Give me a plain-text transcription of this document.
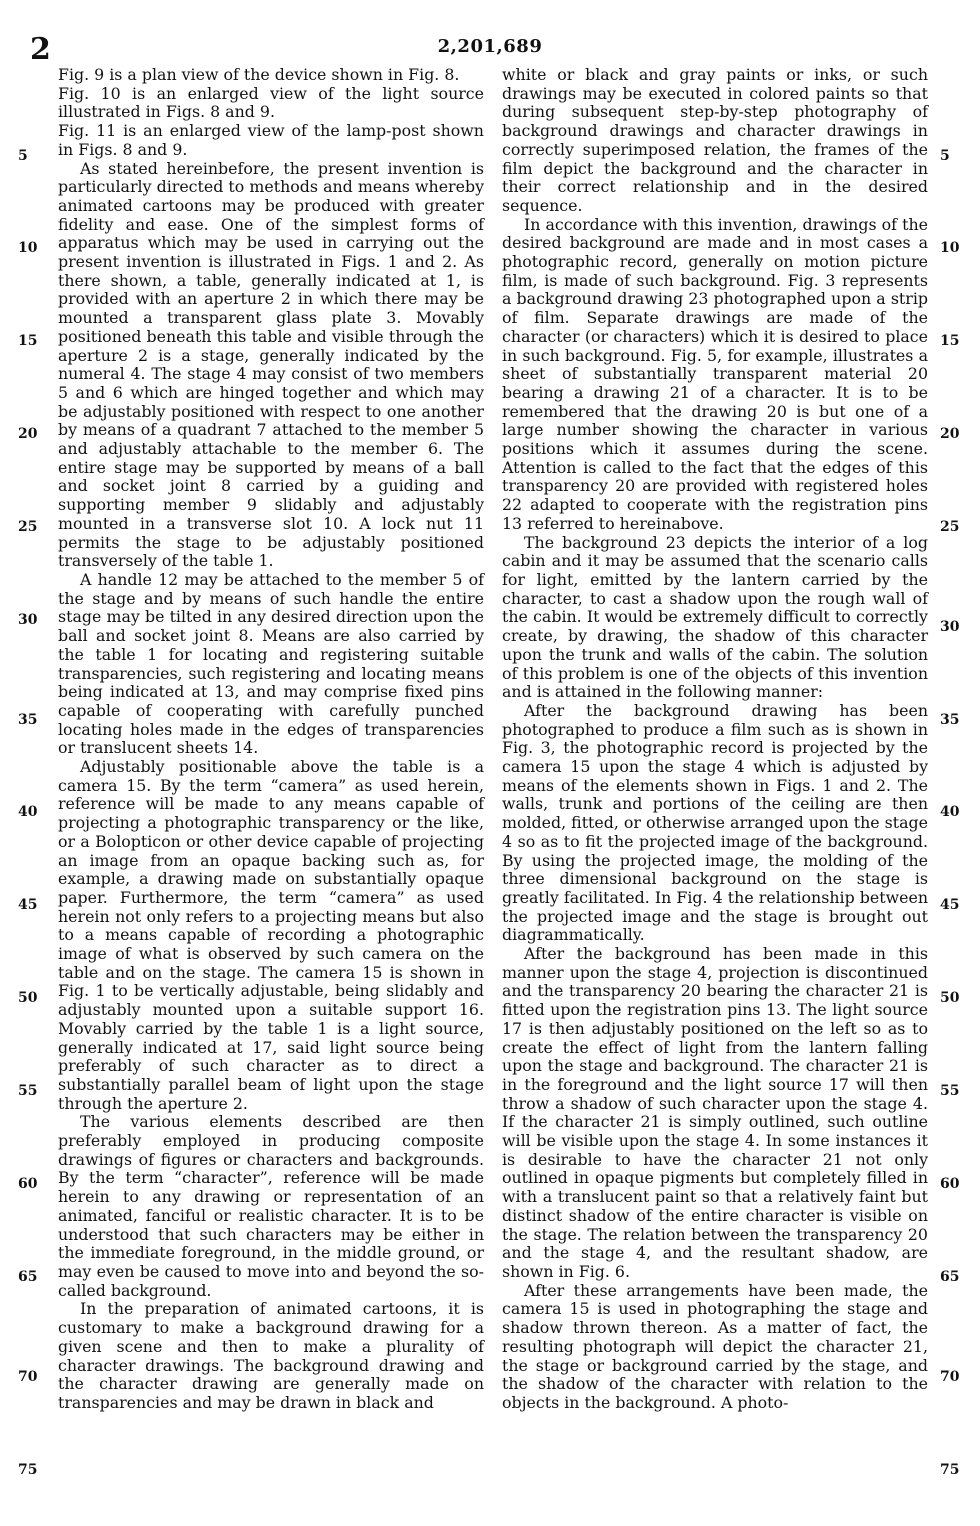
2	2,201,689

Fig. 9 is a plan view of the device shown in Fig. 8.

Fig. 10 is an enlarged view of the light source illustrated in Figs. 8 and 9.

Fig. 11 is an enlarged view of the lamp-post shown in Figs. 8 and 9.

As stated hereinbefore, the present invention is particularly directed to methods and means whereby animated cartoons may be produced with greater fidelity and ease. One of the simplest forms of apparatus which may be used in carrying out the present invention is illustrated in Figs. 1 and 2. As there shown, a table, generally indicated at 1, is provided with an aperture 2 in which there may be mounted a transparent glass plate 3. Movably positioned beneath this table and visible through the aperture 2 is a stage, generally indicated by the numeral 4. The stage 4 may consist of two members 5 and 6 which are hinged together and which may be adjustably positioned with respect to one another by means of a quadrant 7 attached to the member 5 and adjustably attachable to the member 6. The entire stage may be supported by means of a ball and socket joint 8 carried by a guiding and supporting member 9 slidably and adjustably mounted in a transverse slot 10. A lock nut 11 permits the stage to be adjustably positioned transversely of the table 1.

A handle 12 may be attached to the member 5 of the stage and by means of such handle the entire stage may be tilted in any desired direction upon the ball and socket joint 8. Means are also carried by the table 1 for locating and registering suitable transparencies, such registering and locating means being indicated at 13, and may comprise fixed pins capable of cooperating with carefully punched locating holes made in the edges of transparencies or translucent sheets 14.

Adjustably positionable above the table is a camera 15. By the term “camera” as used herein, reference will be made to any means capable of projecting a photographic transparency or the like, or a Bolopticon or other device capable of projecting an image from an opaque backing such as, for example, a drawing made on substantially opaque paper. Furthermore, the term “camera” as used herein not only refers to a projecting means but also to a means capable of recording a photographic image of what is observed by such camera on the table and on the stage. The camera 15 is shown in Fig. 1 to be vertically adjustable, being slidably and adjustably mounted upon a suitable support 16. Movably carried by the table 1 is a light source, generally indicated at 17, said light source being preferably of such character as to direct a substantially parallel beam of light upon the stage through the aperture 2.

The various elements described are then preferably employed in producing composite drawings of figures or characters and backgrounds. By the term “character”, reference will be made herein to any drawing or representation of an animated, fanciful or realistic character. It is to be understood that such characters may be either in the immediate foreground, in the middle ground, or may even be caused to move into and beyond the so-called background.

In the preparation of animated cartoons, it is customary to make a background drawing for a given scene and then to make a plurality of character drawings. The background drawing and the character drawing are generally made on transparencies and may be drawn in black and

white or black and gray paints or inks, or such drawings may be executed in colored paints so that during subsequent step-by-step photography of background drawings and character drawings in correctly superimposed relation, the frames of the film depict the background and the character in their correct relationship and in the desired sequence.

In accordance with this invention, drawings of the desired background are made and in most cases a photographic record, generally on motion picture film, is made of such background. Fig. 3 represents a background drawing 23 photographed upon a strip of film. Separate drawings are made of the character (or characters) which it is desired to place in such background. Fig. 5, for example, illustrates a sheet of substantially transparent material 20 bearing a drawing 21 of a character. It is to be remembered that the drawing 20 is but one of a large number showing the character in various positions which it assumes during the scene. Attention is called to the fact that the edges of this transparency 20 are provided with registered holes 22 adapted to cooperate with the registration pins 13 referred to hereinabove.

The background 23 depicts the interior of a log cabin and it may be assumed that the scenario calls for light, emitted by the lantern carried by the character, to cast a shadow upon the rough wall of the cabin. It would be extremely difficult to correctly create, by drawing, the shadow of this character upon the trunk and walls of the cabin. The solution of this problem is one of the objects of this invention and is attained in the following manner:

After the background drawing has been photographed to produce a film such as is shown in Fig. 3, the photographic record is projected by the camera 15 upon the stage 4 which is adjusted by means of the elements shown in Figs. 1 and 2. The walls, trunk and portions of the ceiling are then molded, fitted, or otherwise arranged upon the stage 4 so as to fit the projected image of the background. By using the projected image, the molding of the three dimensional background on the stage is greatly facilitated. In Fig. 4 the relationship between the projected image and the stage is brought out diagrammatically.

After the background has been made in this manner upon the stage 4, projection is discontinued and the transparency 20 bearing the character 21 is fitted upon the registration pins 13. The light source 17 is then adjustably positioned on the left so as to create the effect of light from the lantern falling upon the stage and background. The character 21 is in the foreground and the light source 17 will then throw a shadow of such character upon the stage 4. If the character 21 is simply outlined, such outline will be visible upon the stage 4. In some instances it is desirable to have the character 21 not only outlined in opaque pigments but completely filled in with a translucent paint so that a relatively faint but distinct shadow of the entire character is visible on the stage. The relation between the transparency 20 and the stage 4, and the resultant shadow, are shown in Fig. 6.

After these arrangements have been made, the camera 15 is used in photographing the stage and shadow thrown thereon. As a matter of fact, the resulting photograph will depict the character 21, the stage or background carried by the stage, and the shadow of the character with relation to the objects in the background. A photo-

5
10
15
20
25
30
35
40
45
50
55
60
65
70
75
5
10
15
20
25
30
35
40
45
50
55
60
65
70
75
